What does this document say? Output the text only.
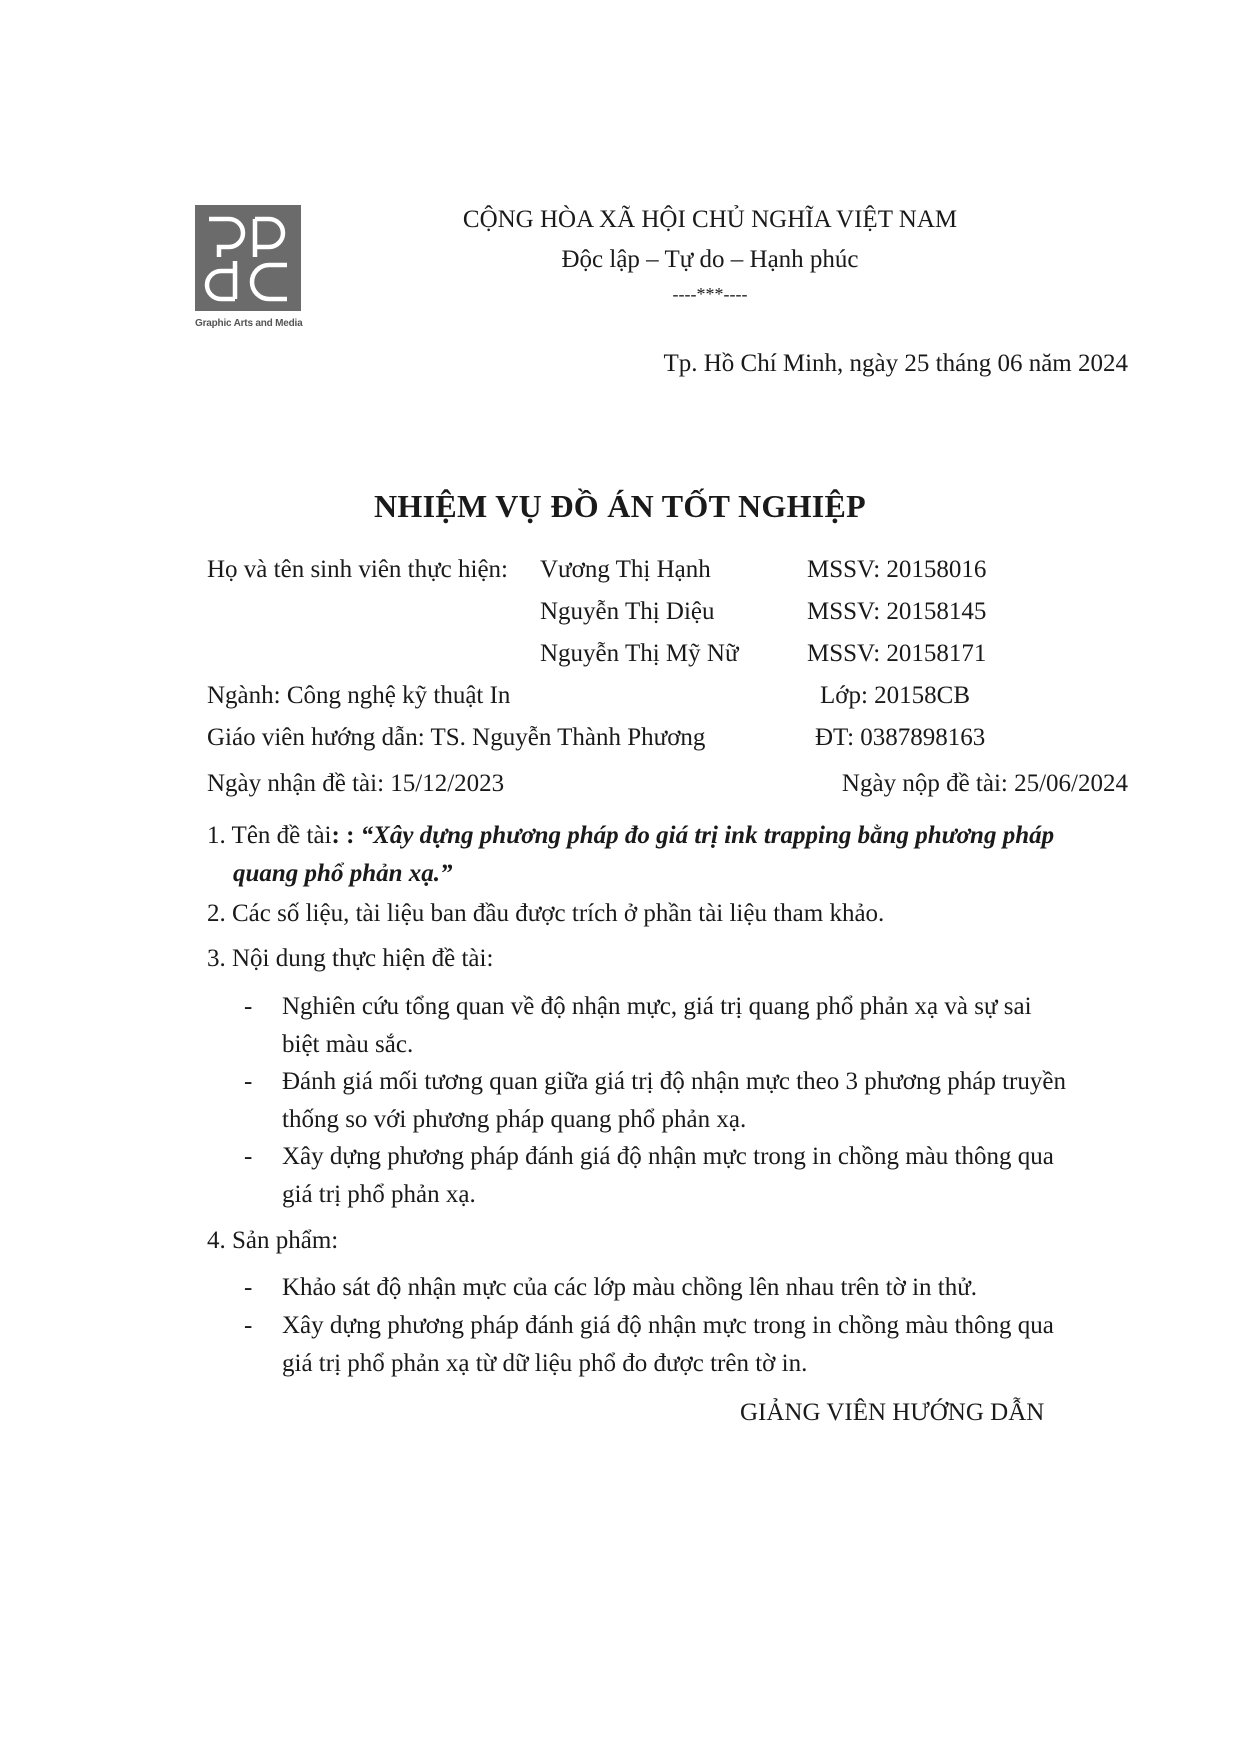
Graphic Arts and Media
CỘNG HÒA XÃ HỘI CHỦ NGHĨA VIỆT NAM
Độc lập – Tự do – Hạnh phúc
----***----
Tp. Hồ Chí Minh, ngày 25 tháng 06 năm 2024
NHIỆM VỤ ĐỒ ÁN TỐT NGHIỆP
Họ và tên sinh viên thực hiện: Vương Thị Hạnh	MSSV: 20158016
Nguyễn Thị Diệu	MSSV: 20158145
Nguyễn Thị Mỹ Nữ	MSSV: 20158171
Ngành: Công nghệ kỹ thuật In	Lớp: 20158CB
Giáo viên hướng dẫn: TS. Nguyễn Thành Phương	ĐT: 0387898163
Ngày nhận đề tài: 15/12/2023	Ngày nộp đề tài: 25/06/2024
1. Tên đề tài: : “Xây dựng phương pháp đo giá trị ink trapping bằng phương pháp
quang phổ phản xạ.”
2. Các số liệu, tài liệu ban đầu được trích ở phần tài liệu tham khảo.
3. Nội dung thực hiện đề tài:
- Nghiên cứu tổng quan về độ nhận mực, giá trị quang phổ phản xạ và sự sai
biệt màu sắc.
- Đánh giá mối tương quan giữa giá trị độ nhận mực theo 3 phương pháp truyền
thống so với phương pháp quang phổ phản xạ.
- Xây dựng phương pháp đánh giá độ nhận mực trong in chồng màu thông qua
giá trị phổ phản xạ.
4. Sản phẩm:
- Khảo sát độ nhận mực của các lớp màu chồng lên nhau trên tờ in thử.
- Xây dựng phương pháp đánh giá độ nhận mực trong in chồng màu thông qua
giá trị phổ phản xạ từ dữ liệu phổ đo được trên tờ in.
GIẢNG VIÊN HƯỚNG DẪN
